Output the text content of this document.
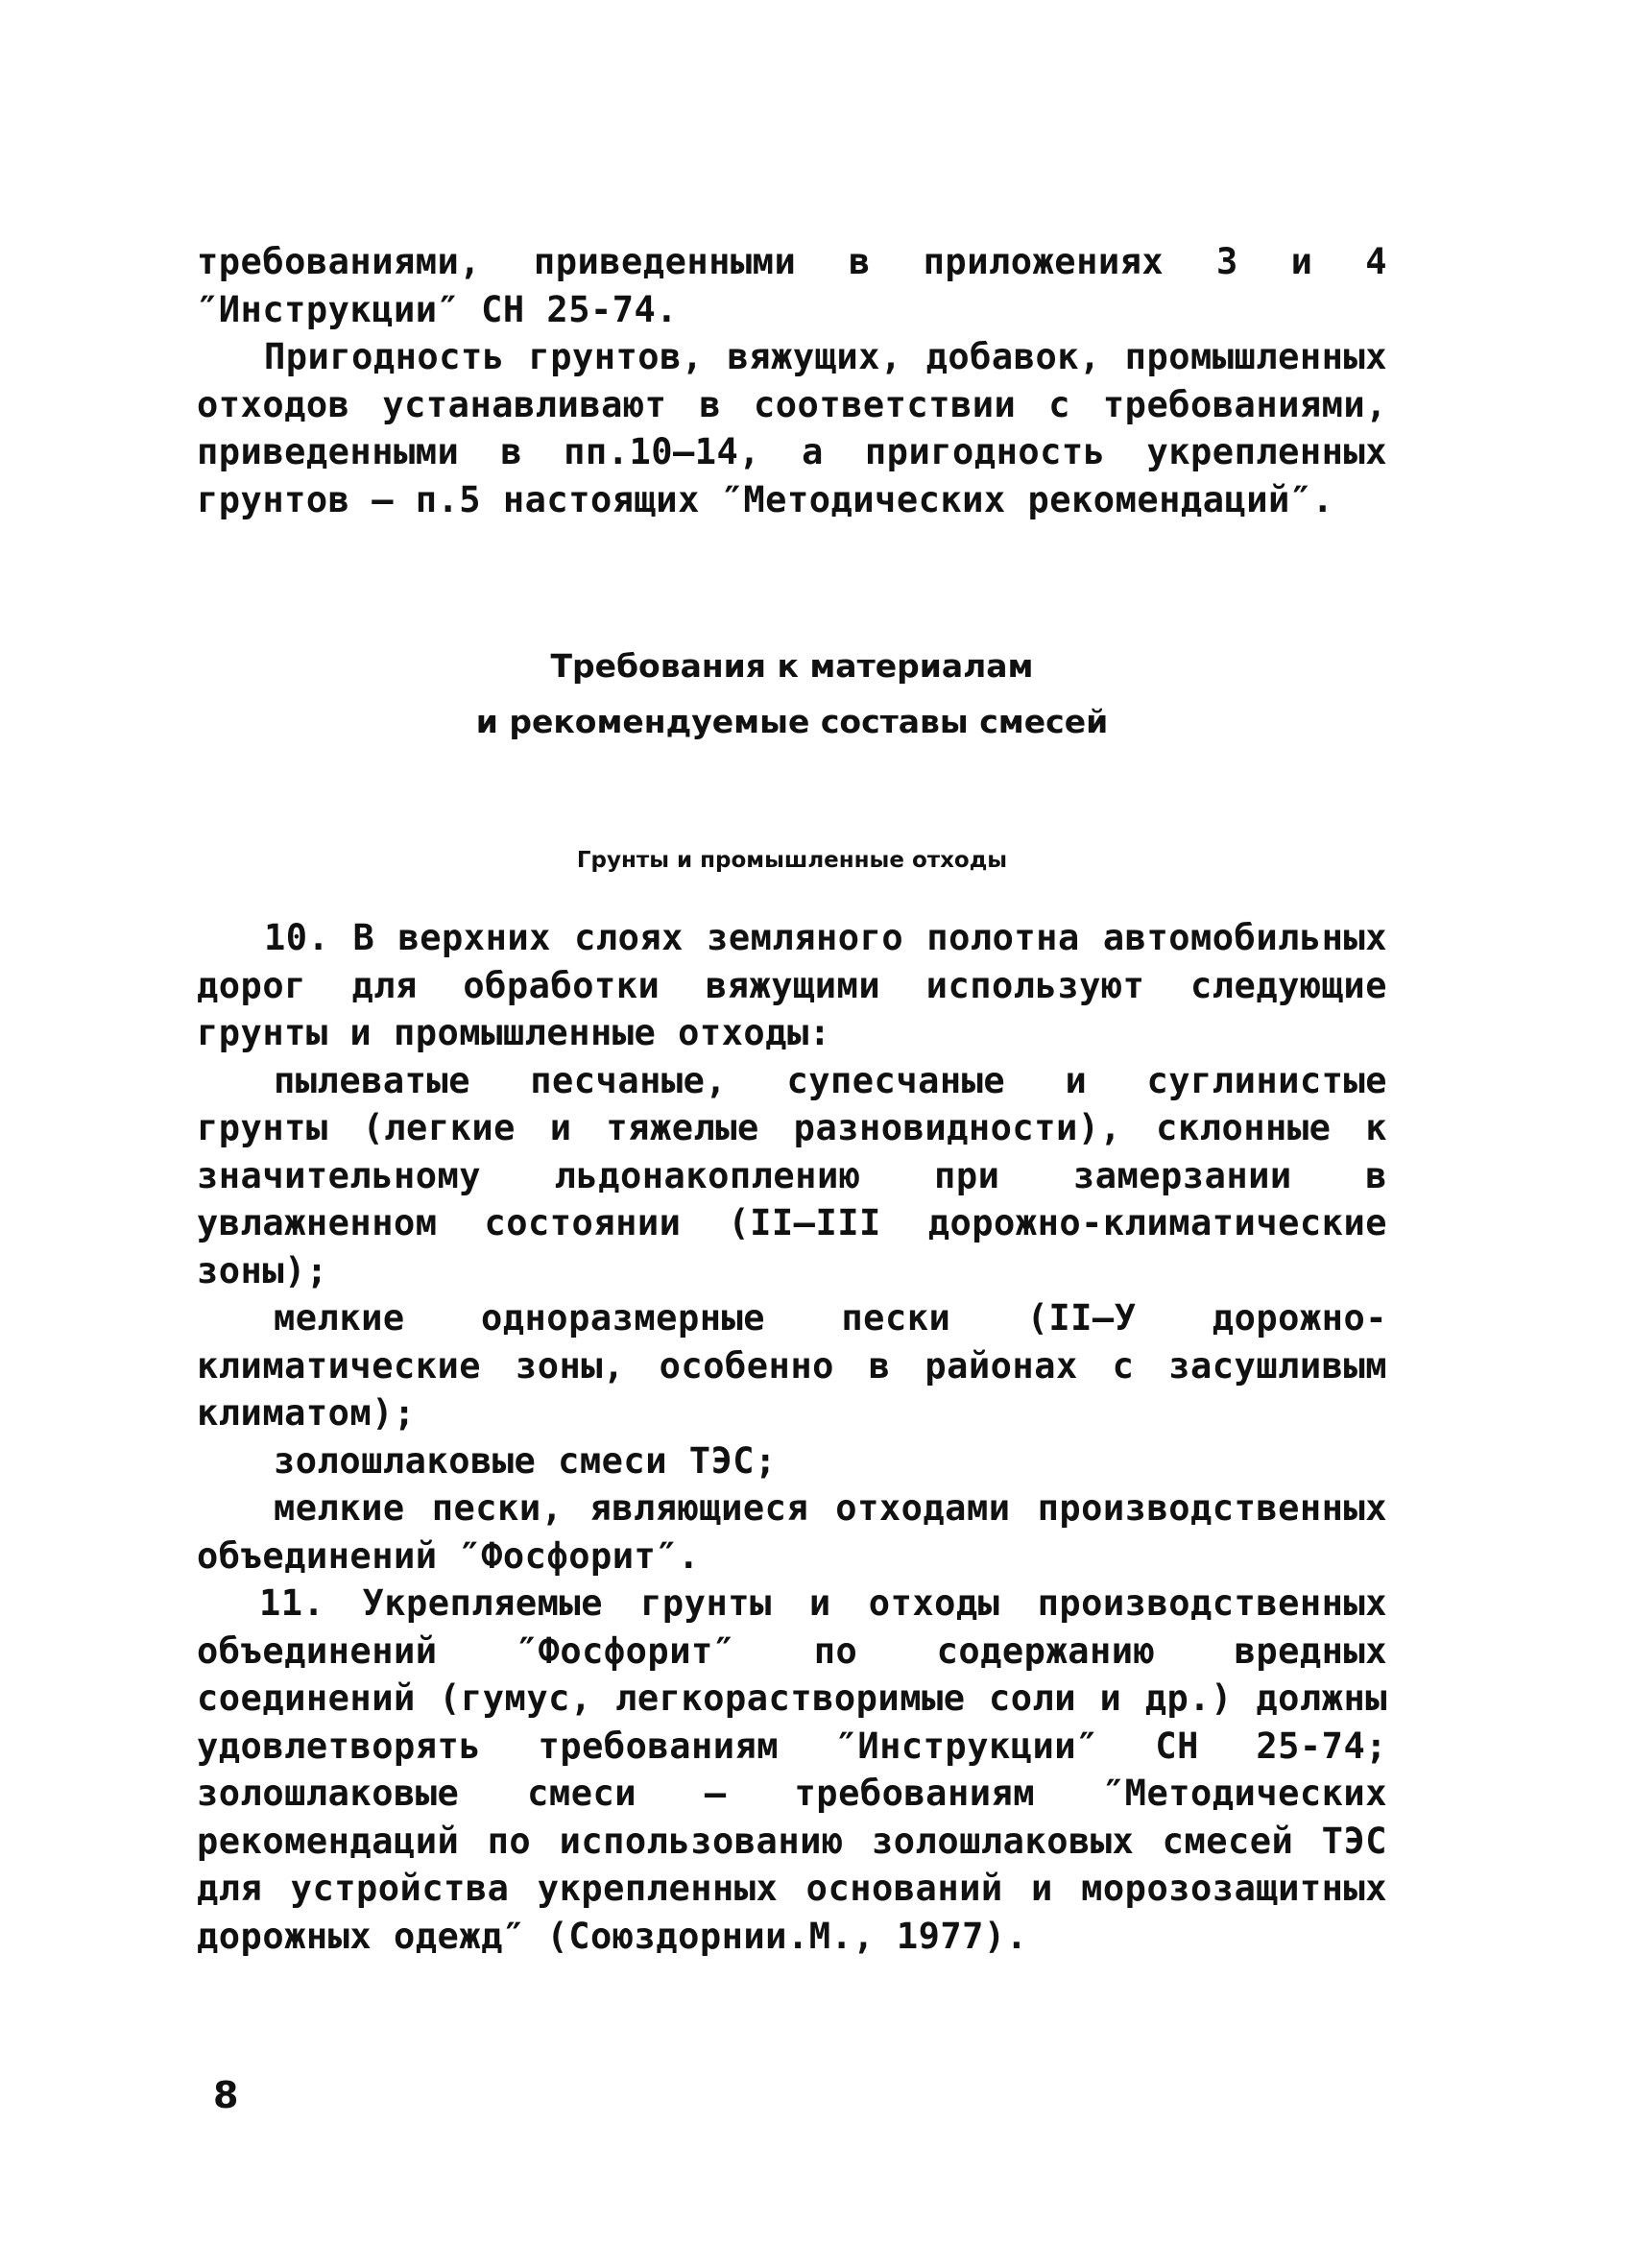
требованиями, приведенными в приложениях 3 и 4 ″Инструкции″ СН 25-74.

Пригодность грунтов, вяжущих, добавок, промышленных отходов устанавливают в соответствии с требованиями, приведенными в пп.10–14, а пригодность укрепленных грунтов – п.5 настоящих ″Методических рекомендаций″.

Требования к материалам
и рекомендуемые составы смесей
Грунты и промышленные отходы

10. В верхних слоях земляного полотна автомобильных дорог для обработки вяжущими используют следующие грунты и промышленные отходы:

пылеватые песчаные, супесчаные и суглинистые грунты (легкие и тяжелые разновидности), склонные к значительному льдонакоплению при замерзании в увлажненном состоянии (II–III дорожно-климатические зоны);

мелкие одноразмерные пески (II–У дорожно-климатические зоны, особенно в районах с засушливым климатом);

золошлаковые смеси ТЭС;

мелкие пески, являющиеся отходами производственных объединений ″Фосфорит″.

11. Укрепляемые грунты и отходы производственных объединений ″Фосфорит″ по содержанию вредных соединений (гумус, легкорастворимые соли и др.) должны удовлетворять требованиям ″Инструкции″ СН 25-74; золошлаковые смеси – требованиям ″Методических рекомендаций по использованию золошлаковых смесей ТЭС для устройства укрепленных оснований и морозозащитных дорожных одежд″ (Союздорнии.М., 1977).

8
